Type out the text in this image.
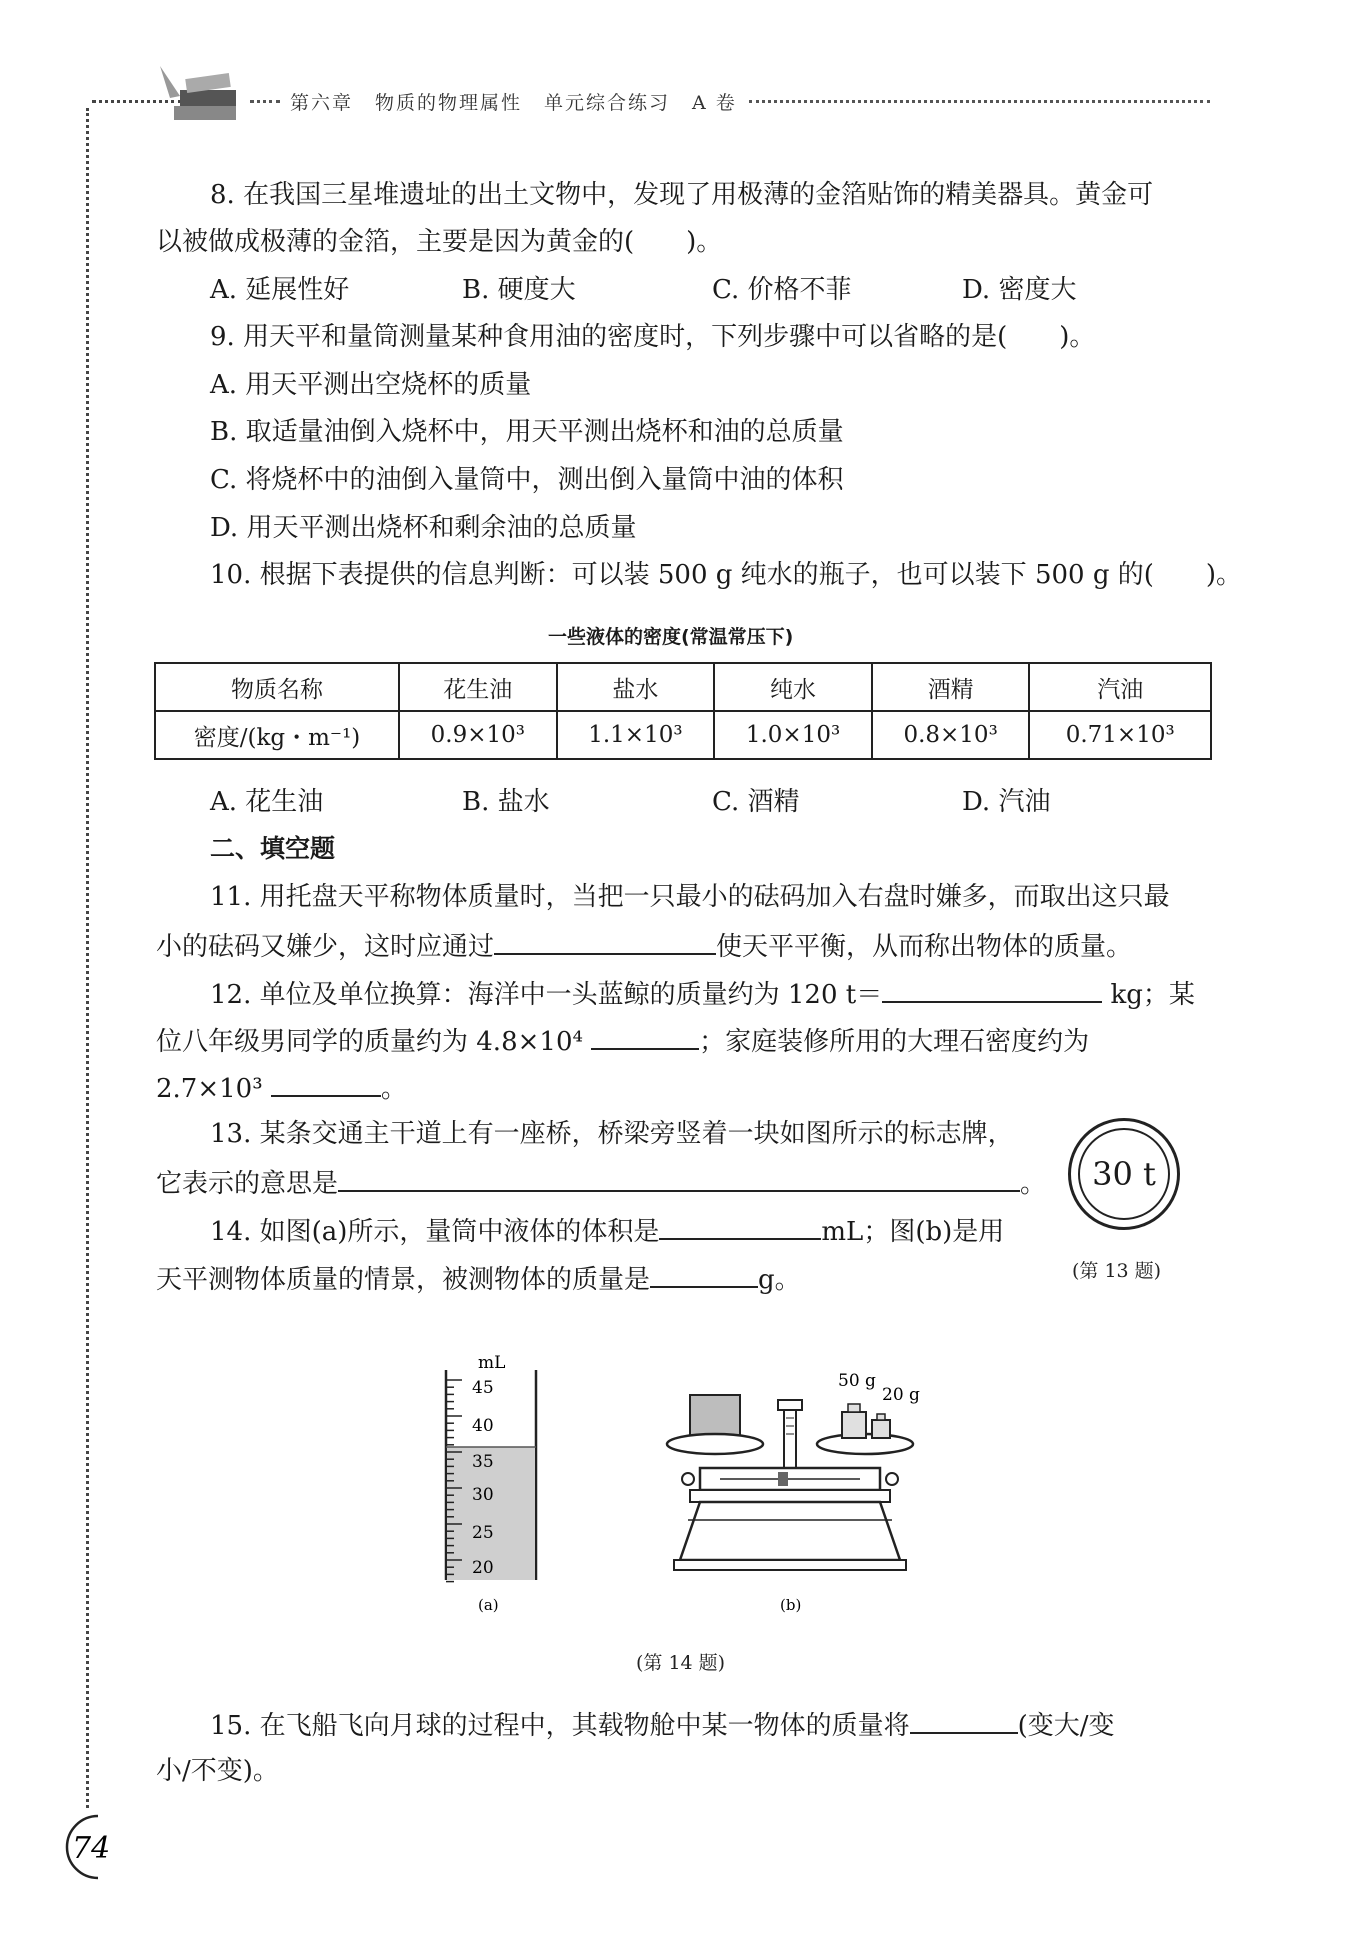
第六章 物质的物理属性 单元综合练习 A 卷
8. 在我国三星堆遗址的出土文物中，发现了用极薄的金箔贴饰的精美器具。黄金可
以被做成极薄的金箔，主要是因为黄金的(　　)。
A. 延展性好	B. 硬度大	C. 价格不菲	D. 密度大
9. 用天平和量筒测量某种食用油的密度时，下列步骤中可以省略的是(　　)。
A. 用天平测出空烧杯的质量
B. 取适量油倒入烧杯中，用天平测出烧杯和油的总质量
C. 将烧杯中的油倒入量筒中，测出倒入量筒中油的体积
D. 用天平测出烧杯和剩余油的总质量
10. 根据下表提供的信息判断：可以装 500 g 纯水的瓶子，也可以装下 500 g 的(　　)。
一些液体的密度(常温常压下)
物质名称	花生油	盐水	纯水	酒精	汽油
密度/(kg・m⁻¹)	0.9×10³	1.1×10³	1.0×10³	0.8×10³	0.71×10³
A. 花生油	B. 盐水	C. 酒精	D. 汽油
二、填空题
11. 用托盘天平称物体质量时，当把一只最小的砝码加入右盘时嫌多，而取出这只最
小的砝码又嫌少，这时应通过	使天平平衡，从而称出物体的质量。
12. 单位及单位换算：海洋中一头蓝鲸的质量约为 120 t＝	kg；某
位八年级男同学的质量约为 4.8×10⁴	；家庭装修所用的大理石密度约为
2.7×10³	。
13. 某条交通主干道上有一座桥，桥梁旁竖着一块如图所示的标志牌，
它表示的意思是	。	30 t
(第 13 题)
14. 如图(a)所示，量筒中液体的体积是	mL；图(b)是用
天平测物体质量的情景，被测物体的质量是	g。
mL
45
40
35
30
25
20
(a)
50 g
20 g
(b)
(第 14 题)
15. 在飞船飞向月球的过程中，其载物舱中某一物体的质量将	(变大/变
小/不变)。
74
